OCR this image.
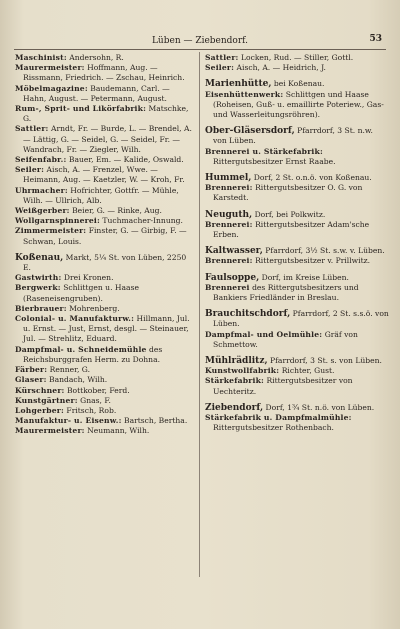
Lüben — Ziebendorf.	53

Maschinist: Andersohn, R.

Maurermeister: Hoffmann, Aug. — Rissmann, Friedrich. — Zschau, Heinrich.

Möbelmagazine: Baudemann, Carl. — Hahn, August. — Petermann, August.

Rum-, Sprit- und Likörfabrik: Matschke, G.

Sattler: Arndt, Fr. — Burde, L. — Brendel, A. — Lättig, G. — Seidel, G. — Seidel, Fr. — Wandrach, Fr. — Ziegler, Wilh.

Seifenfabr.: Bauer, Em. — Kalide, Oswald.

Seiler: Aisch, A. — Frenzel, Wwe. — Heimann, Aug. — Kaetzler, W. — Kroh, Fr.

Uhrmacher: Hofrichter, Gottfr. — Mühle, Wilh. — Ullrich, Alb.

Weißgerber: Beier, G. — Rinke, Aug.

Wollgarnspinnerei: Tuchmacher-Innung.

Zimmermeister: Finster, G. — Girbig, F. — Schwan, Louis.

Koßenau, Markt, 5¼ St. von Lüben, 2250 E.

Gastwirth: Drei Kronen.

Bergwerk: Schlittgen u. Haase (Raseneisengruben).

Bierbrauer: Mohrenberg.

Colonial- u. Manufakturw.: Hillmann, Jul. u. Ernst. — Just, Ernst, desgl. — Steinauer, Jul. — Strehlitz, Eduard.

Dampfmal- u. Schneidemühle des Reichsburggrafen Herm. zu Dohna.

Färber: Renner, G.

Glaser: Bandach, Wilh.

Kürschner: Bottkober, Ferd.

Kunstgärtner: Gnas, F.

Lohgerber: Fritsch, Rob.

Manufaktur- u. Eisenw.: Bartsch, Bertha.

Maurermeister: Neumann, Wilh.

Sattler: Locken, Rud. — Stiller, Gottl.

Seiler: Aisch, A. — Heidrich, J.

Marienhütte, bei Koßenau.

Eisenhüttenwerk: Schlittgen und Haase (Roheisen, Guß- u. emaillirte Poteriew., Gas- und Wasserleitungsröhren).

Ober-Gläsersdorf, Pfarrdorf, 3 St. n.w. von Lüben.

Brennerei u. Stärkefabrik: Rittergutsbesitzer Ernst Raabe.

Hummel, Dorf, 2 St. o.n.ö. von Koßenau.

Brennerei: Rittergutsbesitzer O. G. von Karstedt.

Neuguth, Dorf, bei Polkwitz.

Brennerei: Rittergutsbesitzer Adam'sche Erben.

Kaltwasser, Pfarrdorf, 3½ St. s.w. v. Lüben.

Brennerei: Rittergutsbesitzer v. Prillwitz.

Faulsoppe, Dorf, im Kreise Lüben.

Brennerei des Rittergutsbesitzers und Bankiers Friedländer in Breslau.

Brauchitschdorf, Pfarrdorf, 2 St. s.s.ö. von Lüben.

Dampfmal- und Oelmühle: Gräf von Schmettow.

Mühlrädlitz, Pfarrdorf, 3 St. s. von Lüben.

Kunstwollfabrik: Richter, Gust.

Stärkefabrik: Rittergutsbesitzer von Uechteritz.

Ziebendorf, Dorf, 1¾ St. n.ö. von Lüben.

Stärkefabrik u. Dampfmalmühle: Rittergutsbesitzer Rothenbach.
